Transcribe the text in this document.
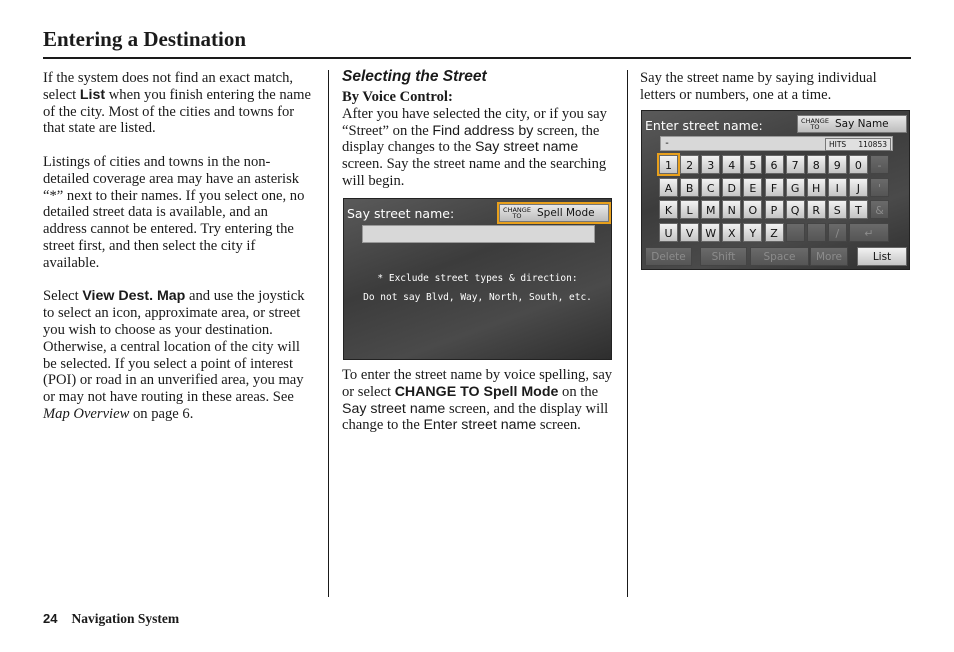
Entering a Destination

If the system does not find an exact match, select List when you finish entering the name of the city. Most of the cities and towns for that state are listed.

Listings of cities and towns in the non-detailed coverage area may have an asterisk “*” next to their names. If you select one, no detailed street data is available, and an address cannot be entered. Try entering the street first, and then select the city if available.

Select View Dest. Map and use the joystick to select an icon, approximate area, or street you wish to choose as your destination. Otherwise, a central location of the city will be selected. If you select a point of interest (POI) or road in an unverified area, you may or may not have routing in these areas. See Map Overview on page 6.

Selecting the Street
By Voice Control:

After you have selected the city, or if you say “Street” on the Find address by screen, the display changes to the Say street name screen. Say the street name and the searching will begin.

To enter the street name by voice spelling, say or select CHANGE TO Spell Mode on the Say street name screen, and the display will change to the Enter street name screen.

Say the street name by saying individual letters or numbers, one at a time.

Say street name:	CHANGE TO	Spell Mode
* Exclude street types & direction:
Do not say Blvd, Way, North, South, etc.
Enter street name:	CHANGE TO	Say Name
-	HITS 110853
1	2	3	4	5	6	7	8	9	0	-
A	B	C	D	E	F	G	H	I	J	'
K	L	M	N	O	P	Q	R	S	T	&
U	V	W	X	Y	Z	/	↵
Delete	Shift	Space	More	List
24 Navigation System
